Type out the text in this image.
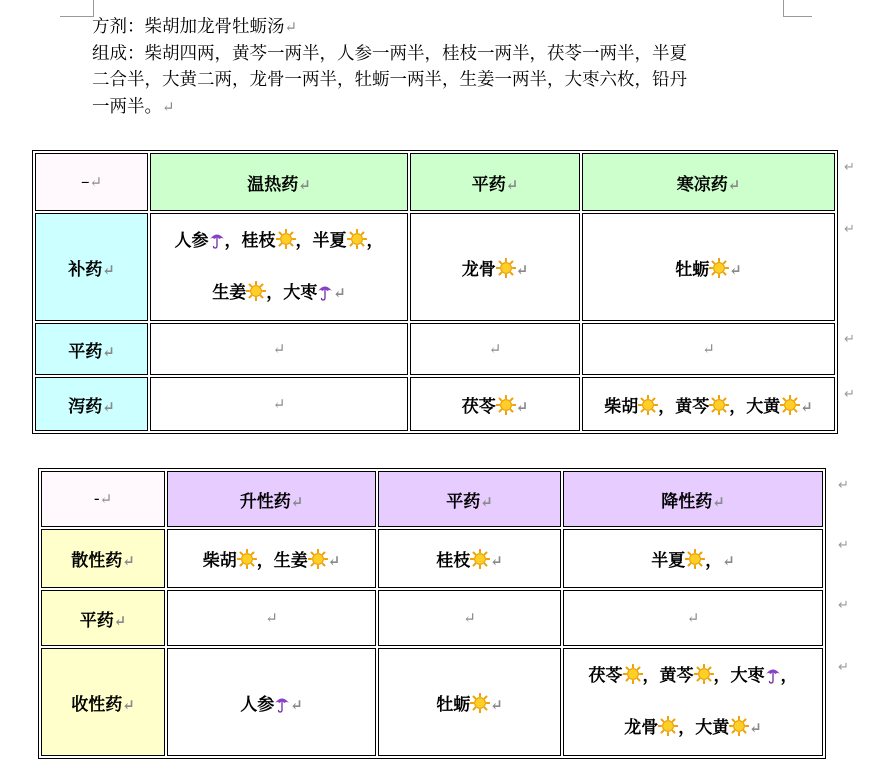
方剂：柴胡加龙骨牡蛎汤↵

组成：柴胡四两，黄芩一两半，人参一两半，桂枝一两半，茯苓一两半，半夏

二合半，大黄二两，龙骨一两半，牡蛎一两半，生姜一两半，大枣六枚，铅丹

一两半。↵

–↵	温热药↵	平药↵	寒凉药↵
补药↵	人参 ，桂枝 ，半夏 ，
生姜 ，大枣 ↵	龙骨 ↵	牡蛎 ↵
平药↵	↵	↵	↵
泻药↵	↵	茯苓 ↵	柴胡 ，黄芩 ，大黄 ↵
-↵	升性药↵	平药↵	降性药↵
散性药↵	柴胡 ，生姜 ↵	桂枝 ↵	半夏 ，↵
平药↵	↵	↵	↵
收性药↵	人参 ↵	牡蛎 ↵	茯苓 ，黄芩 ，大枣 ，
龙骨 ，大黄 ↵
↵
↵
↵
↵
↵
↵
↵
↵
